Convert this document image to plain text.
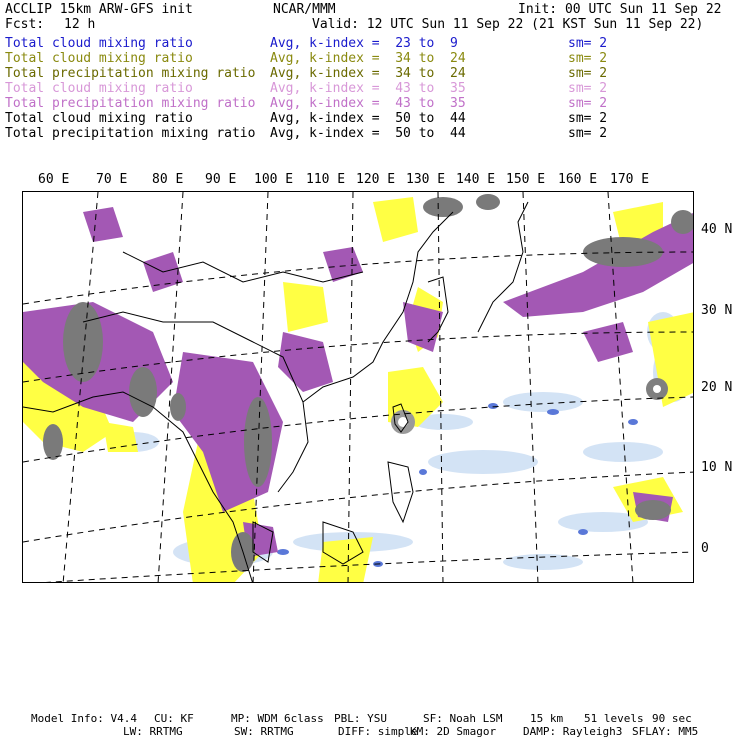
ACCLIP 15km ARW-GFS init	NCAR/MMM	Init: 00 UTC Sun 11 Sep 22
Fcst: 12 h	Valid: 12 UTC Sun 11 Sep 22 (21 KST Sun 11 Sep 22)
Total cloud mixing ratio	Avg, k-index =  23 to  9	sm= 2
Total cloud mixing ratio	Avg, k-index =  34 to  24	sm= 2
Total precipitation mixing ratio Avg, k-index =  34 to  24	sm= 2
Total cloud mixing ratio	Avg, k-index =  43 to  35	sm= 2
Total precipitation mixing ratio Avg, k-index =  43 to  35	sm= 2
Total cloud mixing ratio	Avg, k-index =  50 to  44	sm= 2
Total precipitation mixing ratio Avg, k-index =  50 to  44	sm= 2
60 E 70 E 80 E 90 E 100 E 110 E 120 E 130 E 140 E 150 E 160 E 170 E
40 N
30 N
20 N
10 N
0
Model Info: V4.4 CU: KF	MP: WDM 6class PBL: YSU	SF: Noah LSM	15 km 51 levels 90 sec
LW: RRTMG	SW: RRTMG	DIFF: simple
KM: 2D Smagor DAMP: Rayleigh3 SFLAY: MM5
